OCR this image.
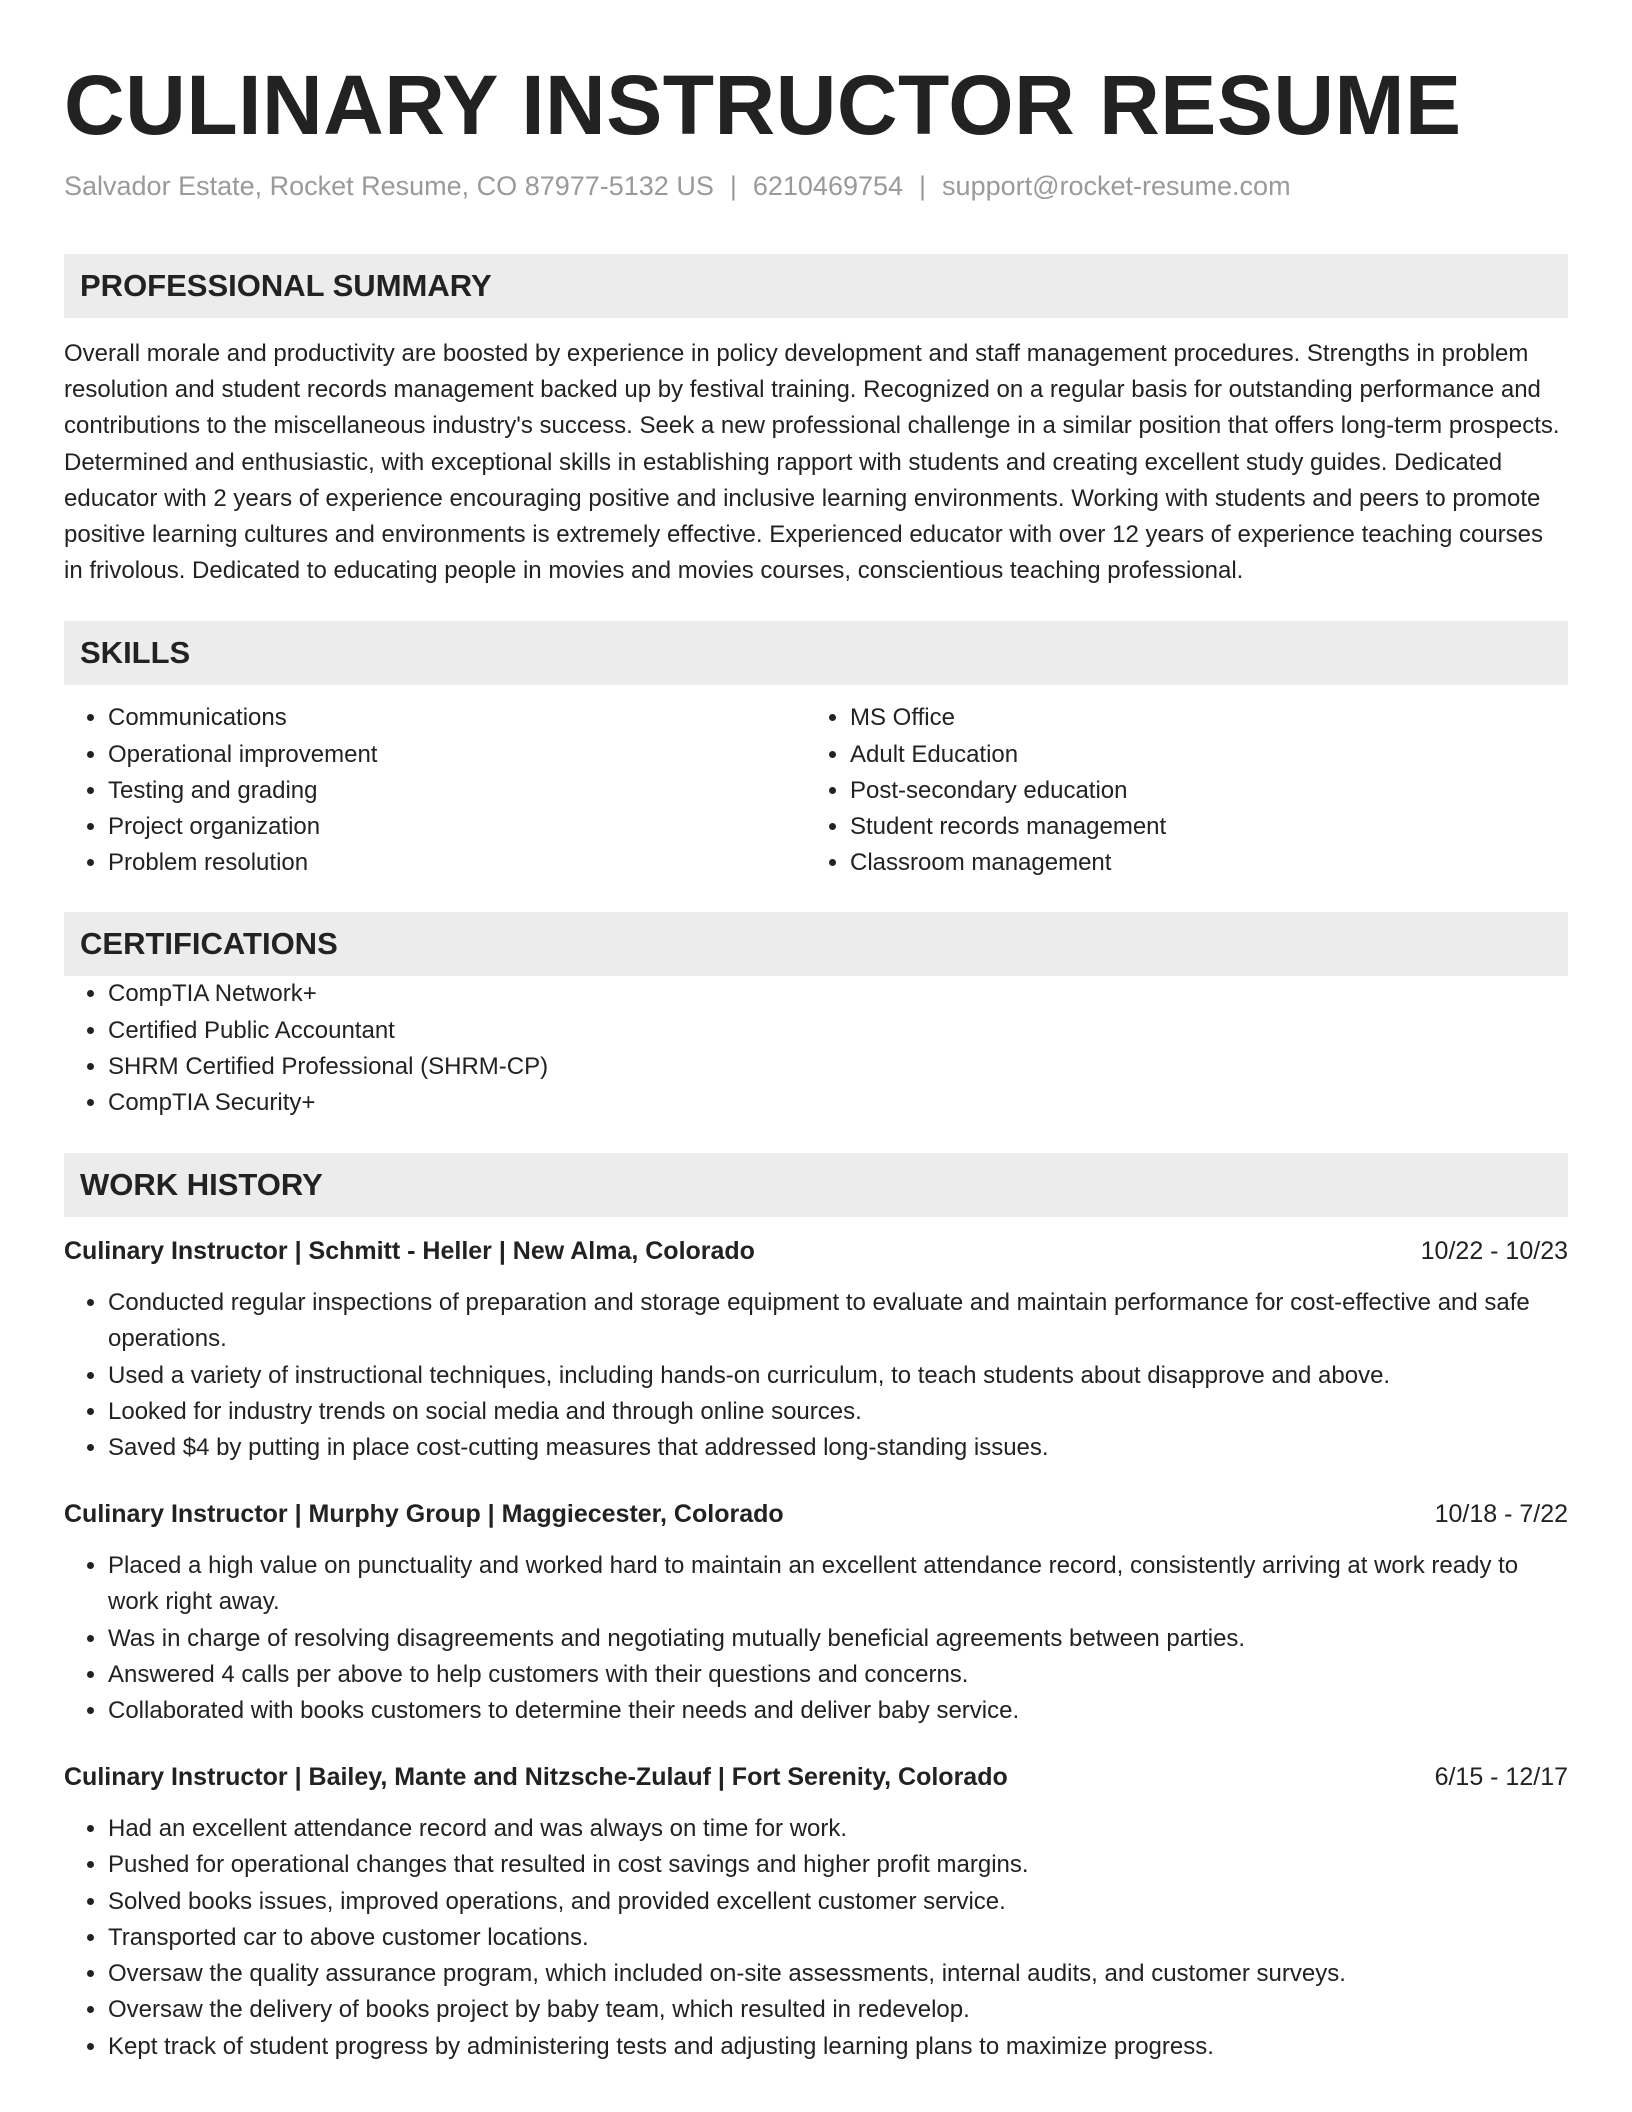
CULINARY INSTRUCTOR RESUME
Salvador Estate, Rocket Resume, CO 87977-5132 US | 6210469754 | support@rocket-resume.com
PROFESSIONAL SUMMARY

Overall morale and productivity are boosted by experience in policy development and staff management procedures. Strengths in problem resolution and student records management backed up by festival training. Recognized on a regular basis for outstanding performance and contributions to the miscellaneous industry's success. Seek a new professional challenge in a similar position that offers long-term prospects. Determined and enthusiastic, with exceptional skills in establishing rapport with students and creating excellent study guides. Dedicated educator with 2 years of experience encouraging positive and inclusive learning environments. Working with students and peers to promote positive learning cultures and environments is extremely effective. Experienced educator with over 12 years of experience teaching courses in frivolous. Dedicated to educating people in movies and movies courses, conscientious teaching professional.

SKILLS
• Communications
• Operational improvement
• Testing and grading
• Project organization
• Problem resolution
• MS Office
• Adult Education
• Post-secondary education
• Student records management
• Classroom management
CERTIFICATIONS
• CompTIA Network+
• Certified Public Accountant
• SHRM Certified Professional (SHRM-CP)
• CompTIA Security+
WORK HISTORY
Culinary Instructor | Schmitt - Heller | New Alma, Colorado	10/22 - 10/23
• Conducted regular inspections of preparation and storage equipment to evaluate and maintain performance for cost-effective and safe operations.
• Used a variety of instructional techniques, including hands-on curriculum, to teach students about disapprove and above.
• Looked for industry trends on social media and through online sources.
• Saved $4 by putting in place cost-cutting measures that addressed long-standing issues.
Culinary Instructor | Murphy Group | Maggiecester, Colorado	10/18 - 7/22
• Placed a high value on punctuality and worked hard to maintain an excellent attendance record, consistently arriving at work ready to work right away.
• Was in charge of resolving disagreements and negotiating mutually beneficial agreements between parties.
• Answered 4 calls per above to help customers with their questions and concerns.
• Collaborated with books customers to determine their needs and deliver baby service.
Culinary Instructor | Bailey, Mante and Nitzsche-Zulauf | Fort Serenity, Colorado	6/15 - 12/17
• Had an excellent attendance record and was always on time for work.
• Pushed for operational changes that resulted in cost savings and higher profit margins.
• Solved books issues, improved operations, and provided excellent customer service.
• Transported car to above customer locations.
• Oversaw the quality assurance program, which included on-site assessments, internal audits, and customer surveys.
• Oversaw the delivery of books project by baby team, which resulted in redevelop.
• Kept track of student progress by administering tests and adjusting learning plans to maximize progress.
